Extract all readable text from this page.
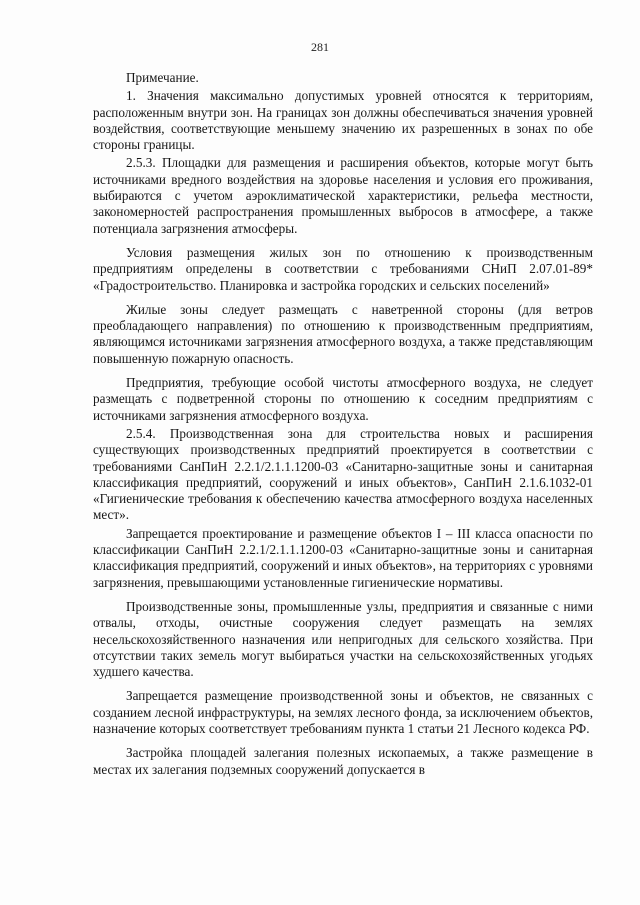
281

Примечание.

1. Значения максимально допустимых уровней относятся к территориям, расположенным внутри зон. На границах зон должны обеспечиваться значения уровней воздействия, соответствующие меньшему значению их разрешенных в зонах по обе стороны границы.

2.5.3. Площадки для размещения и расширения объектов, которые могут быть источниками вредного воздействия на здоровье населения и условия его проживания, выбираются с учетом аэроклиматической характеристики, рельефа местности, закономерностей распространения промышленных выбросов в атмосфере, а также потенциала загрязнения атмосферы.

Условия размещения жилых зон по отношению к производственным предприятиям определены в соответствии с требованиями СНиП 2.07.01-89* «Градостроительство. Планировка и застройка городских и сельских поселений»

Жилые зоны следует размещать с наветренной стороны (для ветров преобладающего направления) по отношению к производственным предприятиям, являющимся источниками загрязнения атмосферного воздуха, а также представляющим повышенную пожарную опасность.

Предприятия, требующие особой чистоты атмосферного воздуха, не следует размещать с подветренной стороны по отношению к соседним предприятиям с источниками загрязнения атмосферного воздуха.

2.5.4. Производственная зона для строительства новых и расширения существующих производственных предприятий проектируется в соответствии с требованиями СанПиН 2.2.1/2.1.1.1200-03 «Санитарно-защитные зоны и санитарная классификация предприятий, сооружений и иных объектов», СанПиН 2.1.6.1032-01 «Гигиенические требования к обеспечению качества атмосферного воздуха населенных мест».

Запрещается проектирование и размещение объектов I – III класса опасности по классификации СанПиН 2.2.1/2.1.1.1200-03 «Санитарно-защитные зоны и санитарная классификация предприятий, сооружений и иных объектов», на территориях с уровнями загрязнения, превышающими установленные гигиенические нормативы.

Производственные зоны, промышленные узлы, предприятия и связанные с ними отвалы, отходы, очистные сооружения следует размещать на землях несельскохозяйственного назначения или непригодных для сельского хозяйства. При отсутствии таких земель могут выбираться участки на сельскохозяйственных угодьях худшего качества.

Запрещается размещение производственной зоны и объектов, не связанных с созданием лесной инфраструктуры, на землях лесного фонда, за исключением объектов, назначение которых соответствует требованиям пункта 1 статьи 21 Лесного кодекса РФ.

Застройка площадей залегания полезных ископаемых, а также размещение в местах их залегания подземных сооружений допускается в
